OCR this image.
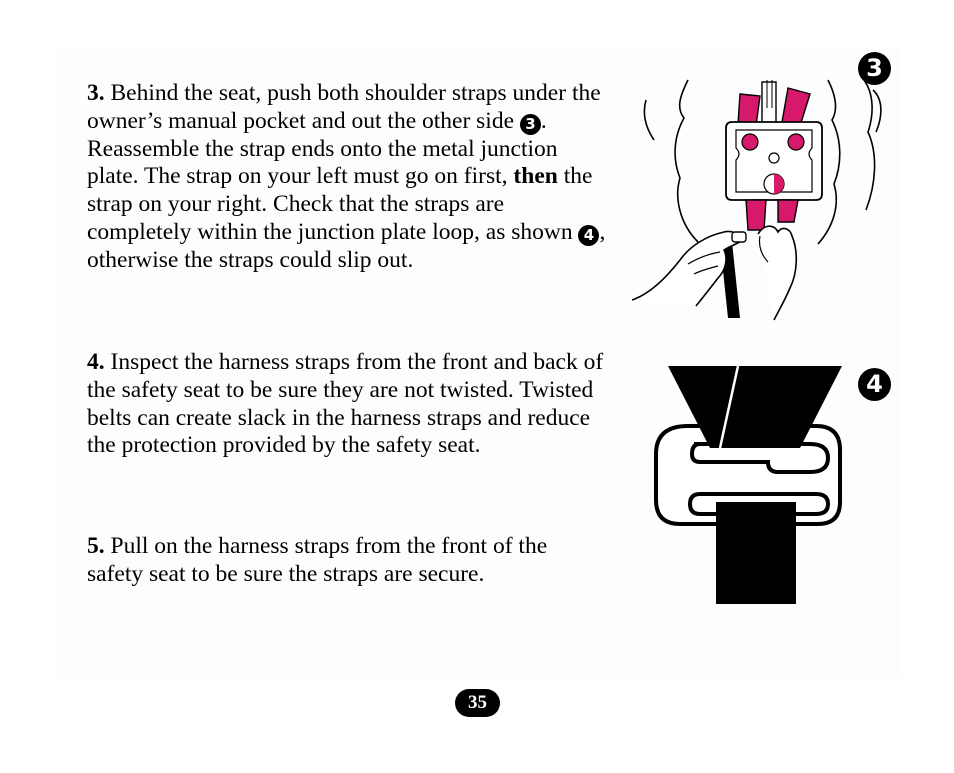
3. Behind the seat, push both shoulder straps under the owner’s manual pocket and out the other side 3 . Reassemble the strap ends onto the metal junction plate. The strap on your left must go on first, then the strap on your right. Check that the straps are completely within the junction plate loop, as shown 4 , otherwise the straps could slip out.
4. Inspect the harness straps from the front and back of the safety seat to be sure they are not twisted. Twisted belts can create slack in the harness straps and reduce the protection provided by the safety seat.
5. Pull on the harness straps from the front of the safety seat to be sure the straps are secure.
3
4
35
